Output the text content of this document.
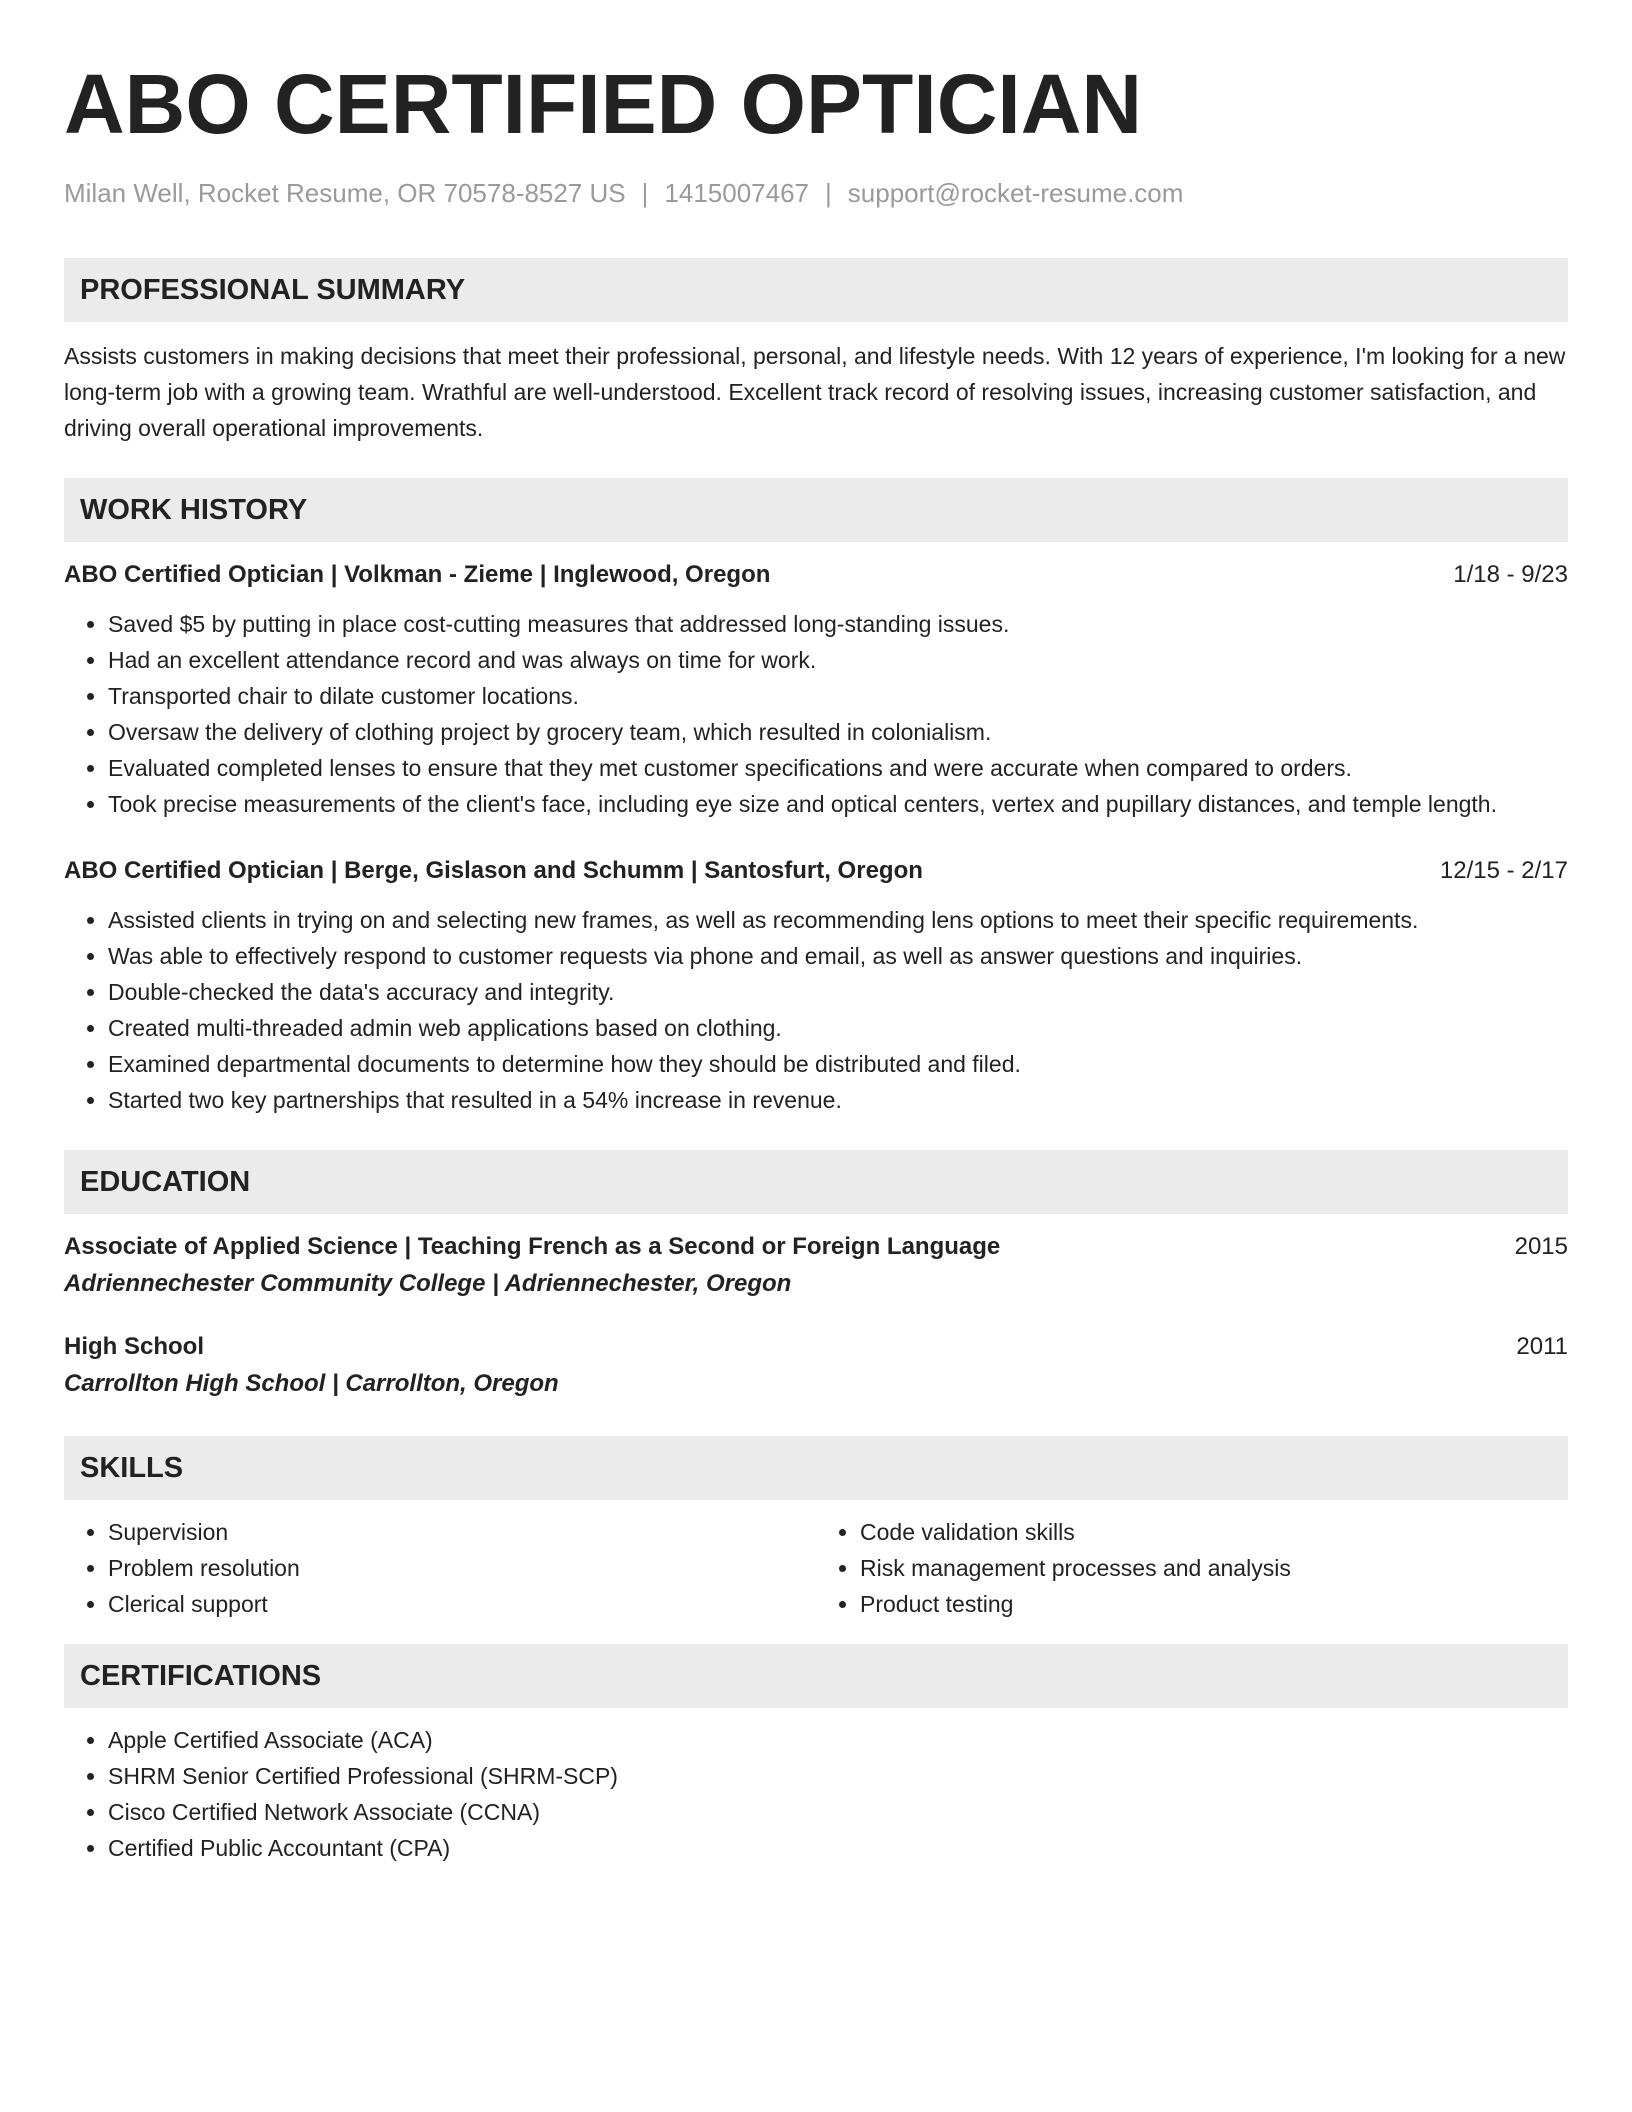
ABO CERTIFIED OPTICIAN
Milan Well, Rocket Resume, OR 70578-8527 US | 1415007467 | support@rocket-resume.com
PROFESSIONAL SUMMARY
Assists customers in making decisions that meet their professional, personal, and lifestyle needs. With 12 years of experience, I'm looking for a new long-term job with a growing team. Wrathful are well-understood. Excellent track record of resolving issues, increasing customer satisfaction, and driving overall operational improvements.
WORK HISTORY
ABO Certified Optician | Volkman - Zieme | Inglewood, Oregon	1/18 - 9/23
• Saved $5 by putting in place cost-cutting measures that addressed long-standing issues.
• Had an excellent attendance record and was always on time for work.
• Transported chair to dilate customer locations.
• Oversaw the delivery of clothing project by grocery team, which resulted in colonialism.
• Evaluated completed lenses to ensure that they met customer specifications and were accurate when compared to orders.
• Took precise measurements of the client's face, including eye size and optical centers, vertex and pupillary distances, and temple length.
ABO Certified Optician | Berge, Gislason and Schumm | Santosfurt, Oregon	12/15 - 2/17
• Assisted clients in trying on and selecting new frames, as well as recommending lens options to meet their specific requirements.
• Was able to effectively respond to customer requests via phone and email, as well as answer questions and inquiries.
• Double-checked the data's accuracy and integrity.
• Created multi-threaded admin web applications based on clothing.
• Examined departmental documents to determine how they should be distributed and filed.
• Started two key partnerships that resulted in a 54% increase in revenue.
EDUCATION
Associate of Applied Science | Teaching French as a Second or Foreign Language	2015
Adriennechester Community College | Adriennechester, Oregon
High School	2011
Carrollton High School | Carrollton, Oregon
SKILLS
• Supervision
• Problem resolution
• Clerical support
• Code validation skills
• Risk management processes and analysis
• Product testing
CERTIFICATIONS
• Apple Certified Associate (ACA)
• SHRM Senior Certified Professional (SHRM-SCP)
• Cisco Certified Network Associate (CCNA)
• Certified Public Accountant (CPA)
